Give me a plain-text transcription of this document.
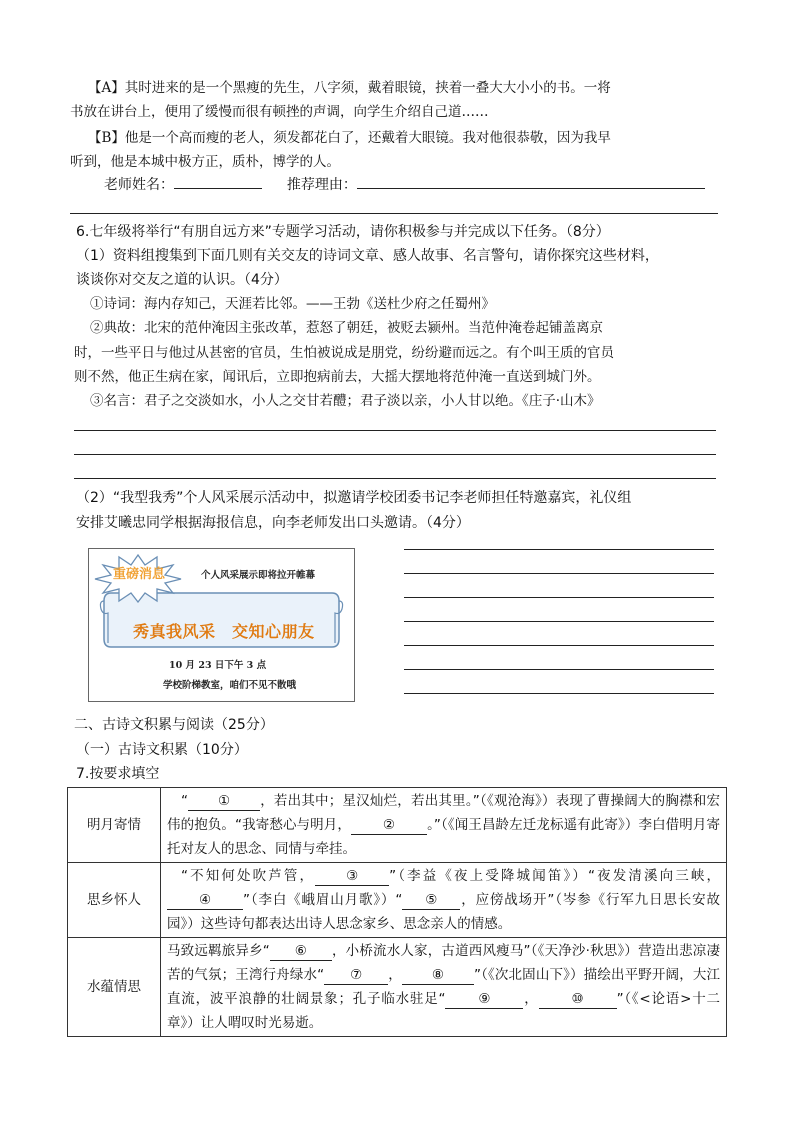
【A】其时进来的是一个黑瘦的先生，八字须，戴着眼镜，挟着一叠大大小小的书。一将
书放在讲台上，便用了缓慢而很有顿挫的声调，向学生介绍自己道……
【B】他是一个高而瘦的老人，须发都花白了，还戴着大眼镜。我对他很恭敬，因为我早
听到，他是本城中极方正，质朴，博学的人。
老师姓名：	推荐理由：
6.七年级将举行“有朋自远方来”专题学习活动，请你积极参与并完成以下任务。（8分）
（1）资料组搜集到下面几则有关交友的诗词文章、感人故事、名言警句，请你探究这些材料，
谈谈你对交友之道的认识。（4分）
①诗词：海内存知己，天涯若比邻。——王勃《送杜少府之任蜀州》
②典故：北宋的范仲淹因主张改革，惹怒了朝廷，被贬去颍州。当范仲淹卷起铺盖离京
时，一些平日与他过从甚密的官员，生怕被说成是朋党，纷纷避而远之。有个叫王质的官员
则不然，他正生病在家，闻讯后，立即抱病前去，大摇大摆地将范仲淹一直送到城门外。
③名言：君子之交淡如水，小人之交甘若醴；君子淡以亲，小人甘以绝。《庄子·山木》
（2）“我型我秀”个人风采展示活动中，拟邀请学校团委书记李老师担任特邀嘉宾，礼仪组
安排艾曦忠同学根据海报信息，向李老师发出口头邀请。（4分）
重磅消息	个人风采展示即将拉开帷幕
秀真我风采　交知心朋友
10 月 23 日下午 3 点
学校阶梯教室，咱们不见不散哦
二、古诗文积累与阅读（25分）
（一）古诗文积累（10分）
7.按要求填空
明月寄情	“ ① ，若出其中；星汉灿烂，若出其里。”（《观沧海》）表现了曹操阔大的胸襟和宏伟的抱负。“我寄愁心与明月， ② 。”（《闻王昌龄左迁龙标遥有此寄》）李白借明月寄托对友人的思念、同情与牵挂。
思乡怀人	“不知何处吹芦管， ③ ”（李益《夜上受降城闻笛》）“夜发清溪向三峡，④ ”（李白《峨眉山月歌》）“ ⑤ ，应傍战场开”（岑参《行军九日思长安故园》）这些诗句都表达出诗人思念家乡、思念亲人的情感。
水蕴情思	马致远羁旅异乡“ ⑥ ，小桥流水人家，古道西风瘦马”（《天净沙·秋思》）营造出悲凉凄苦的气氛；王湾行舟绿水“ ⑦ ， ⑧ ”（《次北固山下》）描绘出平野开阔，大江直流，波平浪静的壮阔景象；孔子临水驻足“ ⑨ ， ⑩ ”（《<论语>十二章》）让人喟叹时光易逝。
